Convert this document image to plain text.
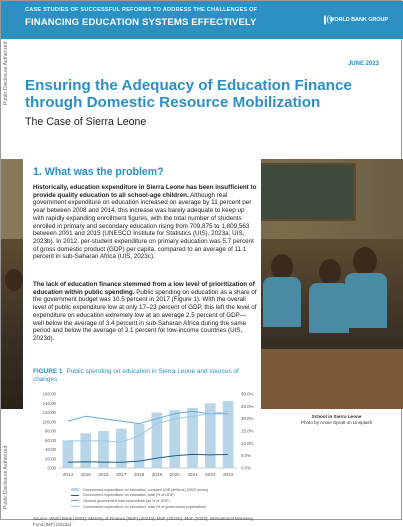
CASE STUDIES OF SUCCESSFUL REFORMS TO ADDRESS THE CHALLENGES OF
FINANCING EDUCATION SYSTEMS EFFECTIVELY	WORLD BANK GROUP
Public Disclosure Authorized
Public Disclosure Authorized
JUNE 2023
Ensuring the Adequacy of Education Finance through Domestic Resource Mobilization
The Case of Sierra Leone
1. What was the problem?
Historically, education expenditure in Sierra Leone has been insufficient to provide quality education to all school-age children. Although real government expenditure on education increased on average by 11 percent per year between 2008 and 2014, this increase was barely adequate to keep up with rapidly expanding enrollment figures, with the total number of students enrolled in primary and secondary education rising from 709,875 to 1,809,563 between 2001 and 2015 (UNESCO Institute for Statistics (UIS), 2023a; UIS, 2023b). In 2012, per-student expenditure on primary education was 5.7 percent of gross domestic product (GDP) per capita, compared to an average of 11.1 percent in sub-Saharan Africa (UIS, 2023c).
The lack of education finance stemmed from a low level of prioritization of education within public spending. Public spending on education as a share of the government budget was 10.5 percent in 2017 (Figure 1). With the overall level of public expenditure low at only 17–23 percent of GDP, this left the level of expenditure on education extremely low at an average 2.5 percent of GDP—well below the average of 3.4 percent in sub-Saharan Africa during the same period and below the average of 3.1 percent for low-income countries (UIS, 2023d).
FIGURE 1 Public spending on education in Sierra Leone and sources of changes
160.00
140.00
120.00
100.00
80.00
60.00
40.00
20.00
0.00
30.0%
25.0%
20.0%
15.0%
10.0%
5.0%
0.0%
2014 2015 2016 2017 2018 2019 2020 2021 2022 2023
Government expenditure on education, constant US$ (millions) (2020 prices)
Government expenditure on education, total (% of GDP)
General government total expenditure (as % of GDP)
Government expenditure on education, total (% of government expenditure)
Source: World Bank (2023); Ministry of Finance (MoF) (2021a); MoF (2021b); MoF (2023); International Monetary Fund (IMF) (2023a).
School in Sierra Leone
Photo by Annie Spratt on Unsplash
